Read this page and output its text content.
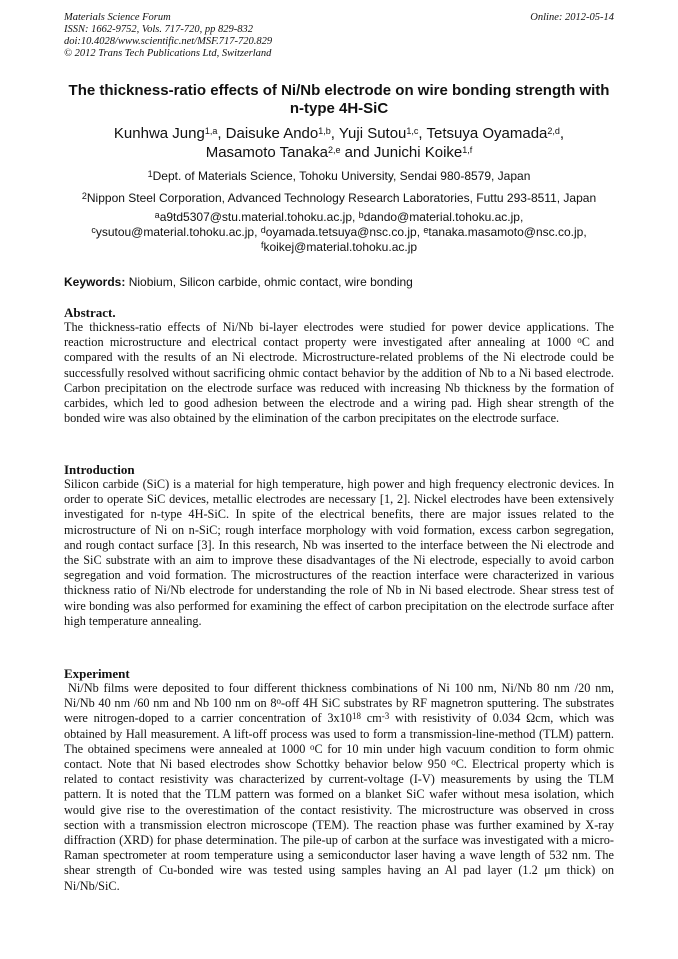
Materials Science Forum
ISSN: 1662-9752, Vols. 717-720, pp 829-832
doi:10.4028/www.scientific.net/MSF.717-720.829
© 2012 Trans Tech Publications Ltd, Switzerland
Online: 2012-05-14
The thickness-ratio effects of Ni/Nb electrode on wire bonding strength with n-type 4H-SiC
Kunhwa Jung$^{1,a}$, Daisuke Ando$^{1,b}$, Yuji Sutou$^{1,c}$, Tetsuya Oyamada$^{2,d}$,
Masamoto Tanaka$^{2,e}$ and Junichi Koike$^{1,f}$
$^1$Dept. of Materials Science, Tohoku University, Sendai 980-8579, Japan
$^2$Nippon Steel Corporation, Advanced Technology Research Laboratories, Futtu 293-8511, Japan
$^a$a9td5307@stu.material.tohoku.ac.jp, $^b$dando@material.tohoku.ac.jp,
$^c$ysutou@material.tohoku.ac.jp, $^d$oyamada.tetsuya@nsc.co.jp, $^e$tanaka.masamoto@nsc.co.jp,
$^f$koikej@material.tohoku.ac.jp
Keywords: Niobium, Silicon carbide, ohmic contact, wire bonding
Abstract.
The thickness-ratio effects of Ni/Nb bi-layer electrodes were studied for power device applications. The reaction microstructure and electrical contact property were investigated after annealing at 1000 $^o$C and compared with the results of an Ni electrode. Microstructure-related problems of the Ni electrode could be successfully resolved without sacrificing ohmic contact behavior by the addition of Nb to a Ni based electrode. Carbon precipitation on the electrode surface was reduced with increasing Nb thickness by the formation of carbides, which led to good adhesion between the electrode and a wiring pad. High shear strength of the bonded wire was also obtained by the elimination of the carbon precipitates on the electrode surface.
Introduction
Silicon carbide (SiC) is a material for high temperature, high power and high frequency electronic devices. In order to operate SiC devices, metallic electrodes are necessary [1, 2]. Nickel electrodes have been extensively investigated for n-type 4H-SiC. In spite of the electrical benefits, there are major issues related to the microstructure of Ni on n-SiC; rough interface morphology with void formation, excess carbon segregation, and rough contact surface [3]. In this research, Nb was inserted to the interface between the Ni electrode and the SiC substrate with an aim to improve these disadvantages of the Ni electrode, especially to avoid carbon segregation and void formation. The microstructures of the reaction interface were characterized in various thickness ratio of Ni/Nb electrode for understanding the role of Nb in Ni based electrode. Shear stress test of wire bonding was also performed for examining the effect of carbon precipitation on the electrode surface after high temperature annealing.
Experiment
Ni/Nb films were deposited to four different thickness combinations of Ni 100 nm, Ni/Nb 80 nm /20 nm, Ni/Nb 40 nm /60 nm and Nb 100 nm on 8$^o$-off 4H SiC substrates by RF magnetron sputtering. The substrates were nitrogen-doped to a carrier concentration of $3x10^{18}$ $cm^{-3}$ with resistivity of 0.034 Ωcm, which was obtained by Hall measurement. A lift-off process was used to form a transmission-line-method (TLM) pattern. The obtained specimens were annealed at 1000 $^o$C for 10 min under high vacuum condition to form ohmic contact. Note that Ni based electrodes show Schottky behavior below 950 $^o$C. Electrical property which is related to contact resistivity was characterized by current-voltage (I-V) measurements by using the TLM pattern. It is noted that the TLM pattern was formed on a blanket SiC wafer without mesa isolation, which would give rise to the overestimation of the contact resistivity. The microstructure was observed in cross section with a transmission electron microscope (TEM). The reaction phase was further examined by X-ray diffraction (XRD) for phase determination. The pile-up of carbon at the surface was investigated with a micro-Raman spectrometer at room temperature using a semiconductor laser having a wave length of 532 nm. The shear strength of Cu-bonded wire was tested using samples having an Al pad layer (1.2 μm thick) on Ni/Nb/SiC.
